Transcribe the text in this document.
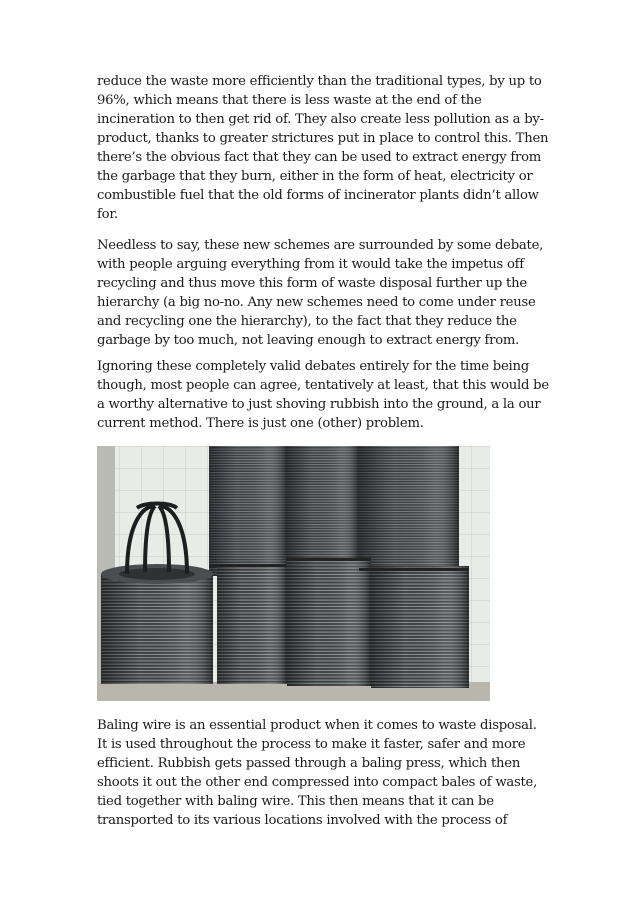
reduce the waste more efficiently than the traditional types, by up to
96%, which means that there is less waste at the end of the
incineration to then get rid of. They also create less pollution as a by-
product, thanks to greater strictures put in place to control this. Then
there’s the obvious fact that they can be used to extract energy from
the garbage that they burn, either in the form of heat, electricity or
combustible fuel that the old forms of incinerator plants didn’t allow
for.

Needless to say, these new schemes are surrounded by some debate,
with people arguing everything from it would take the impetus off
recycling and thus move this form of waste disposal further up the
hierarchy (a big no-no. Any new schemes need to come under reuse
and recycling one the hierarchy), to the fact that they reduce the
garbage by too much, not leaving enough to extract energy from.

Ignoring these completely valid debates entirely for the time being
though, most people can agree, tentatively at least, that this would be
a worthy alternative to just shoving rubbish into the ground, a la our
current method. There is just one (other) problem.

Baling wire is an essential product when it comes to waste disposal.
It is used throughout the process to make it faster, safer and more
efficient. Rubbish gets passed through a baling press, which then
shoots it out the other end compressed into compact bales of waste,
tied together with baling wire. This then means that it can be
transported to its various locations involved with the process of
